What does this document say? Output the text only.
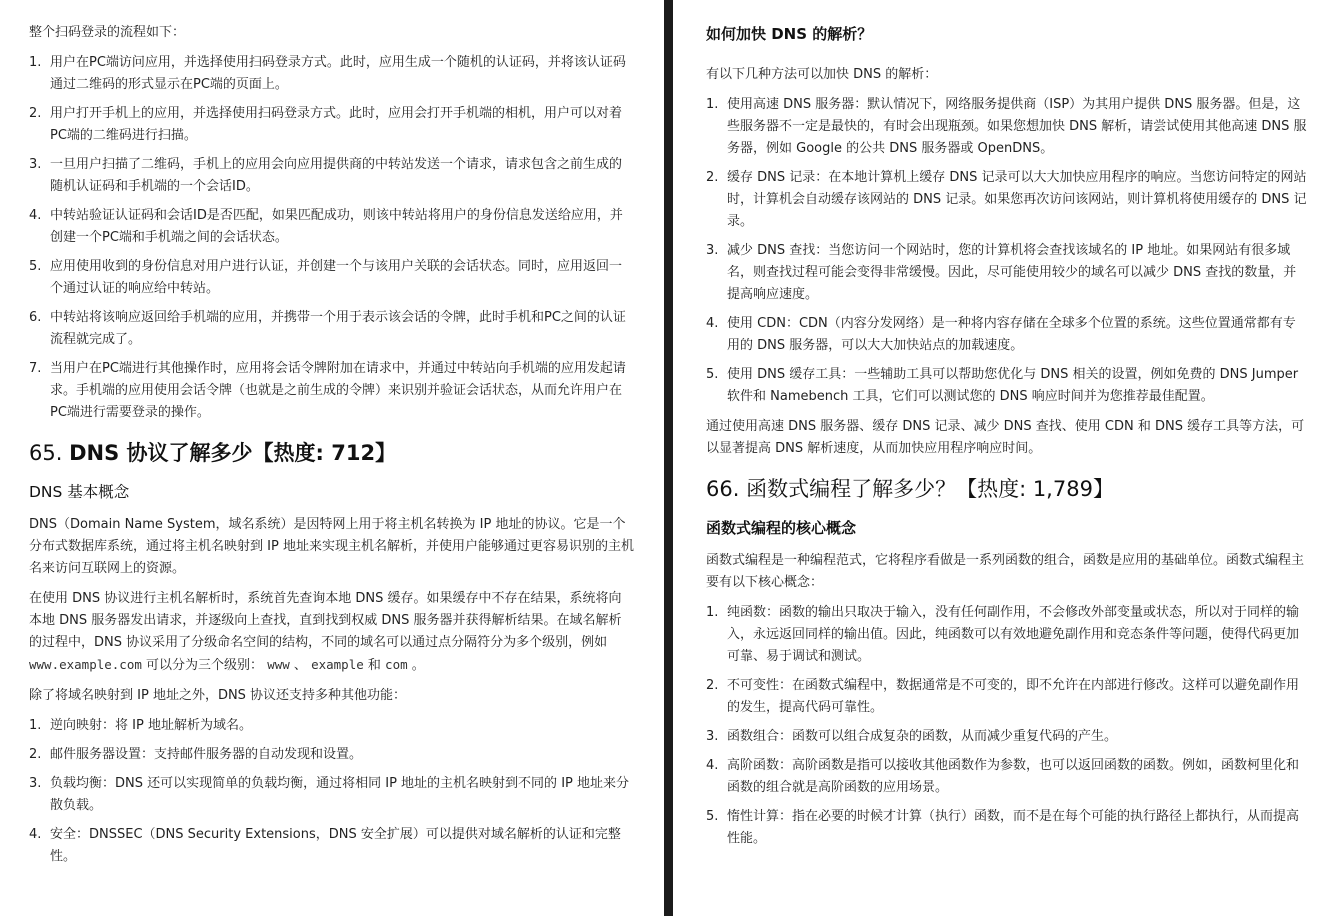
整个扫码登录的流程如下：

1. 用户在PC端访问应用，并选择使用扫码登录方式。此时，应用生成一个随机的认证码，并将该认证码通过二维码的形式显示在PC端的页面上。
2. 用户打开手机上的应用，并选择使用扫码登录方式。此时，应用会打开手机端的相机，用户可以对着PC端的二维码进行扫描。
3. 一旦用户扫描了二维码，手机上的应用会向应用提供商的中转站发送一个请求，请求包含之前生成的随机认证码和手机端的一个会话ID。
4. 中转站验证认证码和会话ID是否匹配，如果匹配成功，则该中转站将用户的身份信息发送给应用，并创建一个PC端和手机端之间的会话状态。
5. 应用使用收到的身份信息对用户进行认证，并创建一个与该用户关联的会话状态。同时，应用返回一个通过认证的响应给中转站。
6. 中转站将该响应返回给手机端的应用，并携带一个用于表示该会话的令牌，此时手机和PC之间的认证流程就完成了。
7. 当用户在PC端进行其他操作时，应用将会话令牌附加在请求中，并通过中转站向手机端的应用发起请求。手机端的应用使用会话令牌（也就是之前生成的令牌）来识别并验证会话状态，从而允许用户在PC端进行需要登录的操作。
65. DNS 协议了解多少【热度: 712】
DNS 基本概念

DNS（Domain Name System，域名系统）是因特网上用于将主机名转换为 IP 地址的协议。它是一个分布式数据库系统，通过将主机名映射到 IP 地址来实现主机名解析，并使用户能够通过更容易识别的主机名来访问互联网上的资源。

在使用 DNS 协议进行主机名解析时，系统首先查询本地 DNS 缓存。如果缓存中不存在结果，系统将向本地 DNS 服务器发出请求，并逐级向上查找，直到找到权威 DNS 服务器并获得解析结果。在域名解析的过程中，DNS 协议采用了分级命名空间的结构，不同的域名可以通过点分隔符分为多个级别，例如 www.example.com 可以分为三个级别： www 、 example 和 com 。

除了将域名映射到 IP 地址之外，DNS 协议还支持多种其他功能：

1. 逆向映射：将 IP 地址解析为域名。
2. 邮件服务器设置：支持邮件服务器的自动发现和设置。
3. 负载均衡：DNS 还可以实现简单的负载均衡，通过将相同 IP 地址的主机名映射到不同的 IP 地址来分散负载。
4. 安全：DNSSEC（DNS Security Extensions，DNS 安全扩展）可以提供对域名解析的认证和完整性。
如何加快 DNS 的解析？

有以下几种方法可以加快 DNS 的解析：

1. 使用高速 DNS 服务器：默认情况下，网络服务提供商（ISP）为其用户提供 DNS 服务器。但是，这些服务器不一定是最快的，有时会出现瓶颈。如果您想加快 DNS 解析，请尝试使用其他高速 DNS 服务器，例如 Google 的公共 DNS 服务器或 OpenDNS。
2. 缓存 DNS 记录：在本地计算机上缓存 DNS 记录可以大大加快应用程序的响应。当您访问特定的网站时，计算机会自动缓存该网站的 DNS 记录。如果您再次访问该网站，则计算机将使用缓存的 DNS 记录。
3. 减少 DNS 查找：当您访问一个网站时，您的计算机将会查找该域名的 IP 地址。如果网站有很多域名，则查找过程可能会变得非常缓慢。因此，尽可能使用较少的域名可以减少 DNS 查找的数量，并提高响应速度。
4. 使用 CDN：CDN（内容分发网络）是一种将内容存储在全球多个位置的系统。这些位置通常都有专用的 DNS 服务器，可以大大加快站点的加载速度。
5. 使用 DNS 缓存工具：一些辅助工具可以帮助您优化与 DNS 相关的设置，例如免费的 DNS Jumper 软件和 Namebench 工具，它们可以测试您的 DNS 响应时间并为您推荐最佳配置。

通过使用高速 DNS 服务器、缓存 DNS 记录、减少 DNS 查找、使用 CDN 和 DNS 缓存工具等方法，可以显著提高 DNS 解析速度，从而加快应用程序响应时间。

66. 函数式编程了解多少？【热度: 1,789】
函数式编程的核心概念

函数式编程是一种编程范式，它将程序看做是一系列函数的组合，函数是应用的基础单位。函数式编程主要有以下核心概念：

1. 纯函数：函数的输出只取决于输入，没有任何副作用，不会修改外部变量或状态，所以对于同样的输入，永远返回同样的输出值。因此，纯函数可以有效地避免副作用和竞态条件等问题，使得代码更加可靠、易于调试和测试。
2. 不可变性：在函数式编程中，数据通常是不可变的，即不允许在内部进行修改。这样可以避免副作用的发生，提高代码可靠性。
3. 函数组合：函数可以组合成复杂的函数，从而减少重复代码的产生。
4. 高阶函数：高阶函数是指可以接收其他函数作为参数，也可以返回函数的函数。例如，函数柯里化和函数的组合就是高阶函数的应用场景。
5. 惰性计算：指在必要的时候才计算（执行）函数，而不是在每个可能的执行路径上都执行，从而提高性能。
